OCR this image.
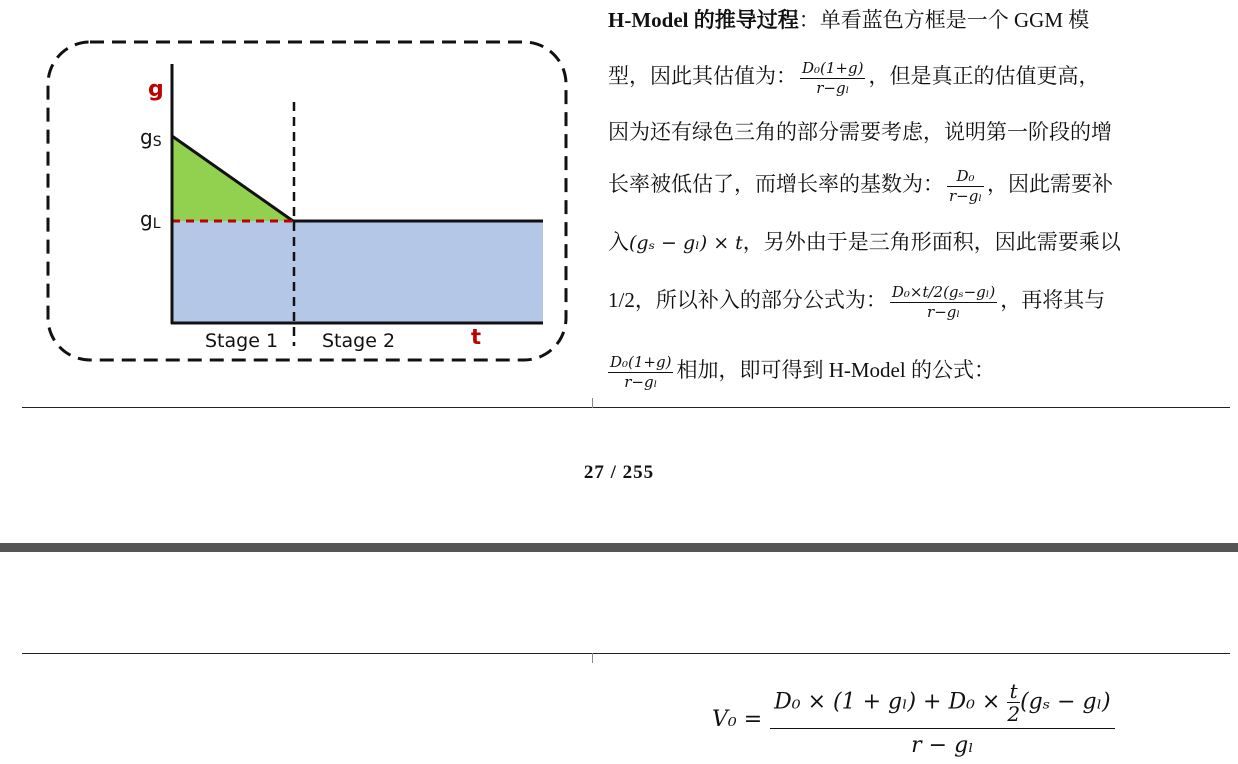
g
gS
gL
Stage 1 Stage 2	t
H-Model 的推导过程：单看蓝色方框是一个 GGM 模
型，因此其估值为： $\frac{\text{D₀(1+g)}}{\text{r−gₗ}}$ ，但是真正的估值更高，
因为还有绿色三角的部分需要考虑，说明第一阶段的增
长率被低估了，而增长率的基数为： $\frac{\text{D₀}}{\text{r−gₗ}}$ ，因此需要补
入(gₛ − gₗ) × t，另外由于是三角形面积，因此需要乘以
1/2，所以补入的部分公式为： $\frac{\text{D₀×t/2(gₛ−gₗ)}}{\text{r−gₗ}}$ ，再将其与
$\frac{\text{D₀(1+g)}}{\text{r−gₗ}}$ 相加，即可得到 H-Model 的公式：
27 / 255
$V_0 = \frac{D_0 \times (1 + g_l) + D_0 \times \frac{t}{2} (g_s - g_l)}{\text{r − gₗ}}$
